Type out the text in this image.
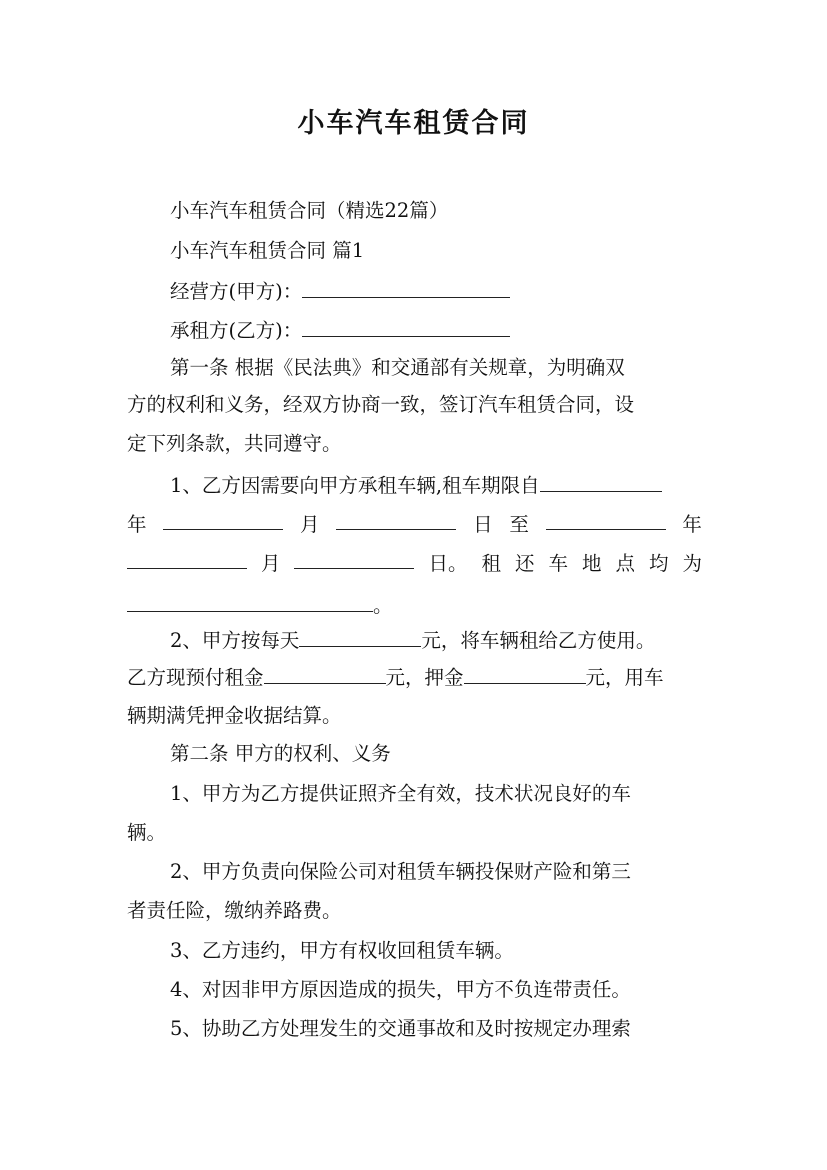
小车汽车租赁合同
小车汽车租赁合同（精选22篇）
小车汽车租赁合同 篇1
经营方(甲方)：
承租方(乙方)：
第一条 根据《民法典》和交通部有关规章，为明确双
方的权利和义务，经双方协商一致，签订汽车租赁合同，设
定下列条款，共同遵守。
1、乙方因需要向甲方承租车辆,租车期限自
年	月	日 至	年
月	日。 租 还 车 地 点 均 为
。
2、甲方按每天	元，将车辆租给乙方使用。
乙方现预付租金	元，押金	元，用车
辆期满凭押金收据结算。
第二条 甲方的权利、义务
1、甲方为乙方提供证照齐全有效，技术状况良好的车
辆。
2、甲方负责向保险公司对租赁车辆投保财产险和第三
者责任险，缴纳养路费。
3、乙方违约，甲方有权收回租赁车辆。
4、对因非甲方原因造成的损失，甲方不负连带责任。
5、协助乙方处理发生的交通事故和及时按规定办理索
